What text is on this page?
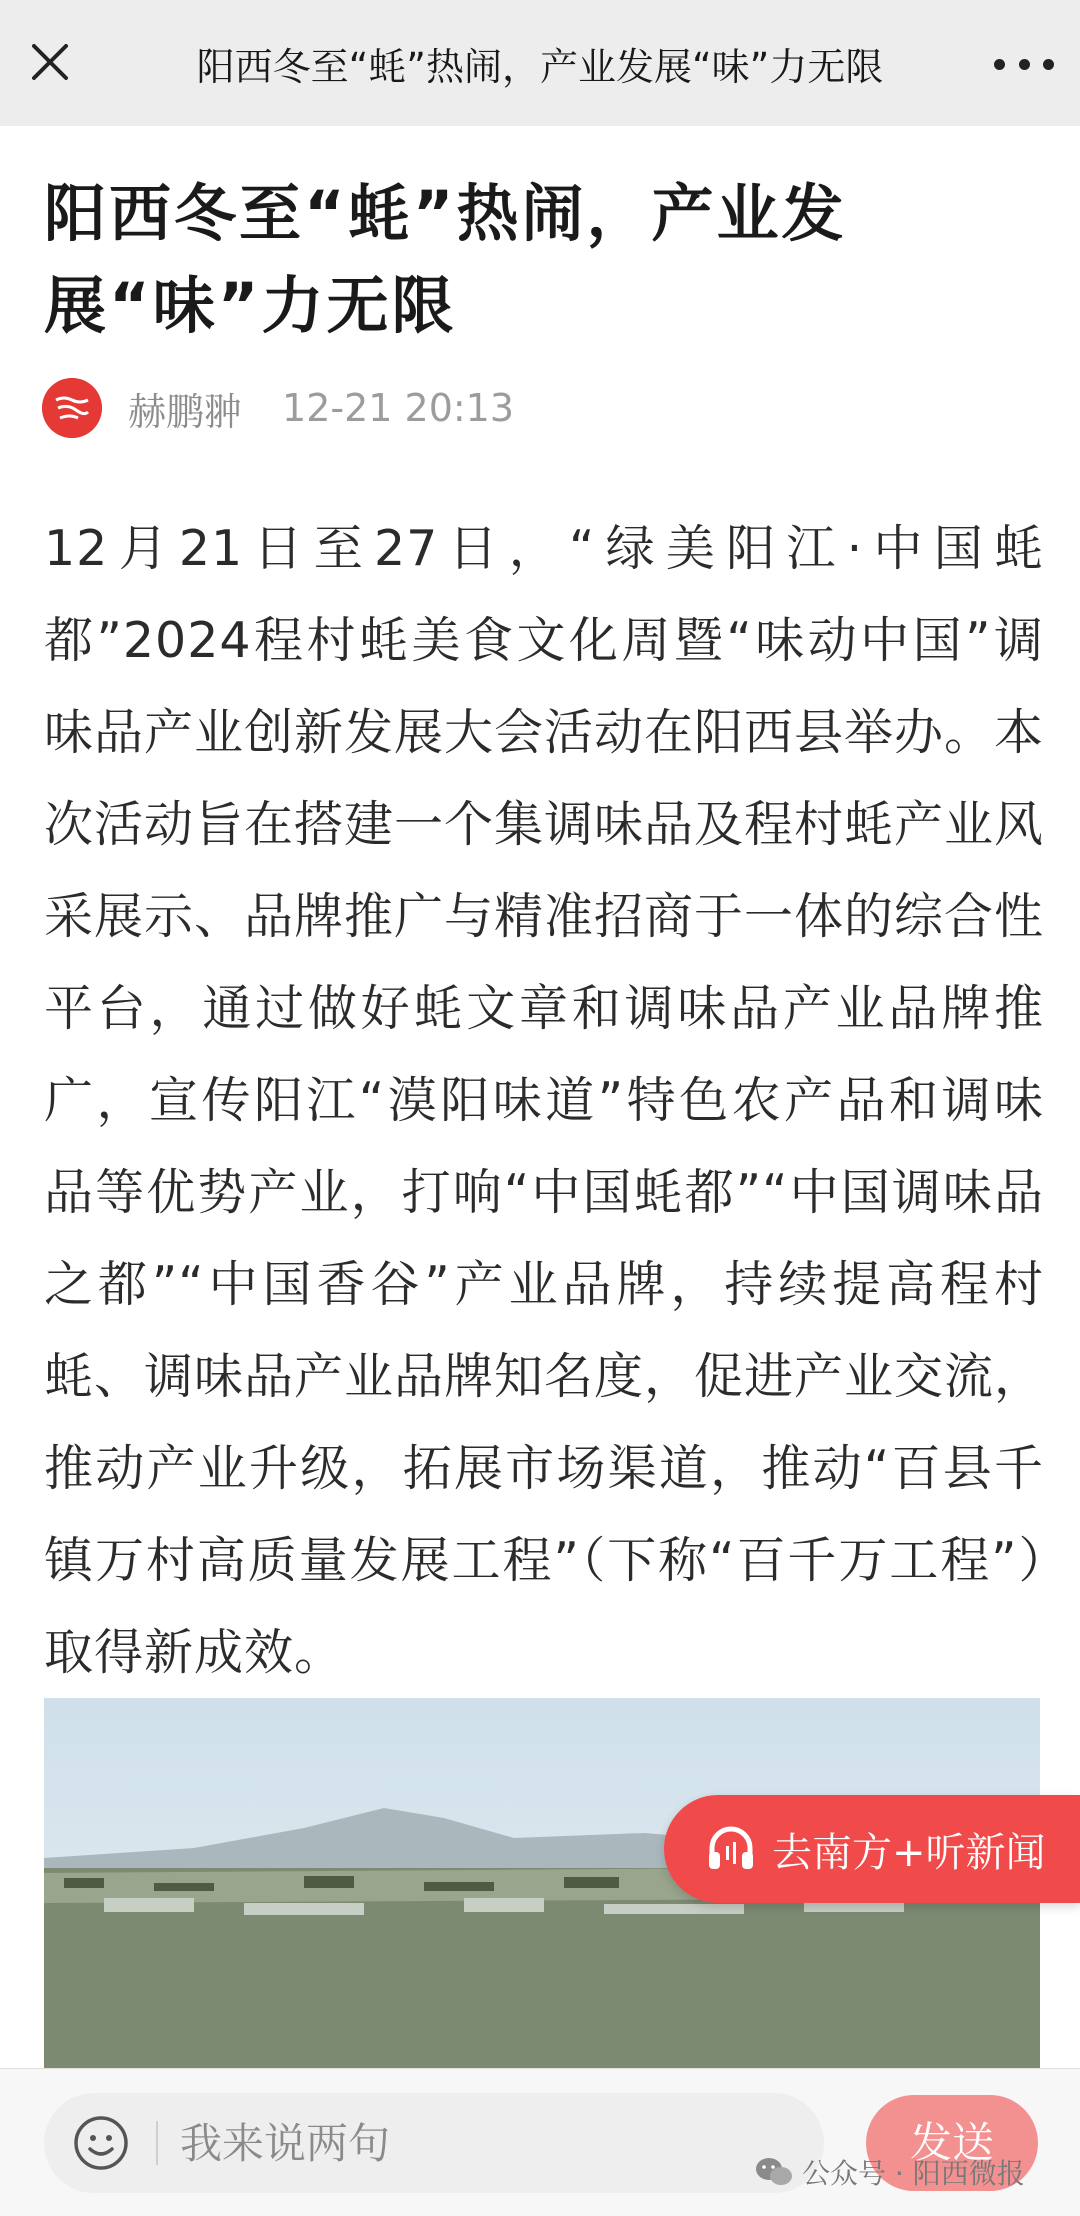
阳西冬至“蚝”热闹，产业发展“味”力无限
阳西冬至“蚝”热闹，产业发展“味”力无限
赫鹏翀 12-21 20:13

12月21日至27日，“绿美阳江·中国蚝都”2024程村蚝美食文化周暨“味动中国”调味品产业创新发展大会活动在阳西县举办。本次活动旨在搭建一个集调味品及程村蚝产业风采展示、品牌推广与精准招商于一体的综合性平台，通过做好蚝文章和调味品产业品牌推广，宣传阳江“漠阳味道”特色农产品和调味品等优势产业，打响“中国蚝都”“中国调味品之都”“中国香谷”产业品牌，持续提高程村蚝、调味品产业品牌知名度，促进产业交流，推动产业升级，拓展市场渠道，推动“百县千镇万村高质量发展工程”（下称“百千万工程”）取得新成效。

去南方+听新闻
我来说两句
发送
公众号 · 阳西微报
